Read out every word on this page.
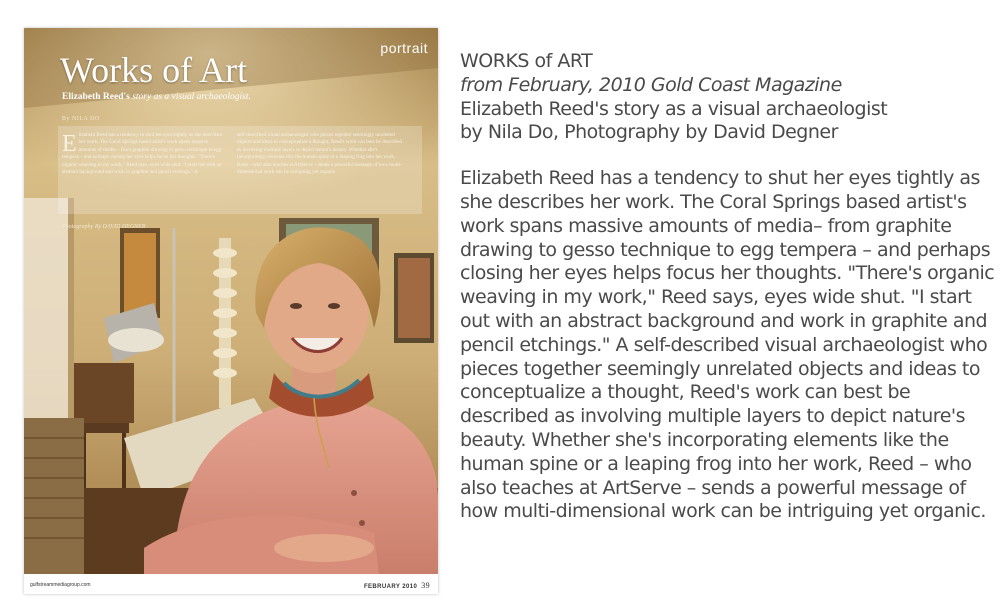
portrait
Works of Art
Elizabeth Reed's story as a visual archaeologist.
By NILA DO
Elizabeth Reed has a tendency to shut her eyes tightly as she describes her work. The Coral Springs based artist's work spans massive amounts of media – from graphite drawing to gesso technique to egg tempera – and perhaps closing her eyes helps focus her thoughts. "There's organic weaving in my work," Reed says, eyes wide shut. "I start out with an abstract background and work in graphite and pencil etchings." A
self-described visual archaeologist who pieces together seemingly unrelated objects and ideas to conceptualize a thought, Reed's work can best be described as involving multiple layers to depict nature's beauty. Whether she's incorporating elements like the human spine or a leaping frog into her work, Reed – who also teaches at ArtServe – sends a powerful message of how multi-dimensional work can be intriguing yet organic.
Photography By DAVID DEGNER
gulfstreammediagroup.com	FEBRUARY 2010 39
WORKS of ART
from February, 2010 Gold Coast Magazine
Elizabeth Reed's story as a visual archaeologist
by Nila Do, Photography by David Degner
Elizabeth Reed has a tendency to shut her eyes tightly as
she describes her work. The Coral Springs based artist's
work spans massive amounts of media– from graphite
drawing to gesso technique to egg tempera – and perhaps
closing her eyes helps focus her thoughts. "There's organic
weaving in my work," Reed says, eyes wide shut. "I start
out with an abstract background and work in graphite and
pencil etchings." A self-described visual archaeologist who
pieces together seemingly unrelated objects and ideas to
conceptualize a thought, Reed's work can best be
described as involving multiple layers to depict nature's
beauty. Whether she's incorporating elements like the
human spine or a leaping frog into her work, Reed – who
also teaches at ArtServe – sends a powerful message of
how multi-dimensional work can be intriguing yet organic.
